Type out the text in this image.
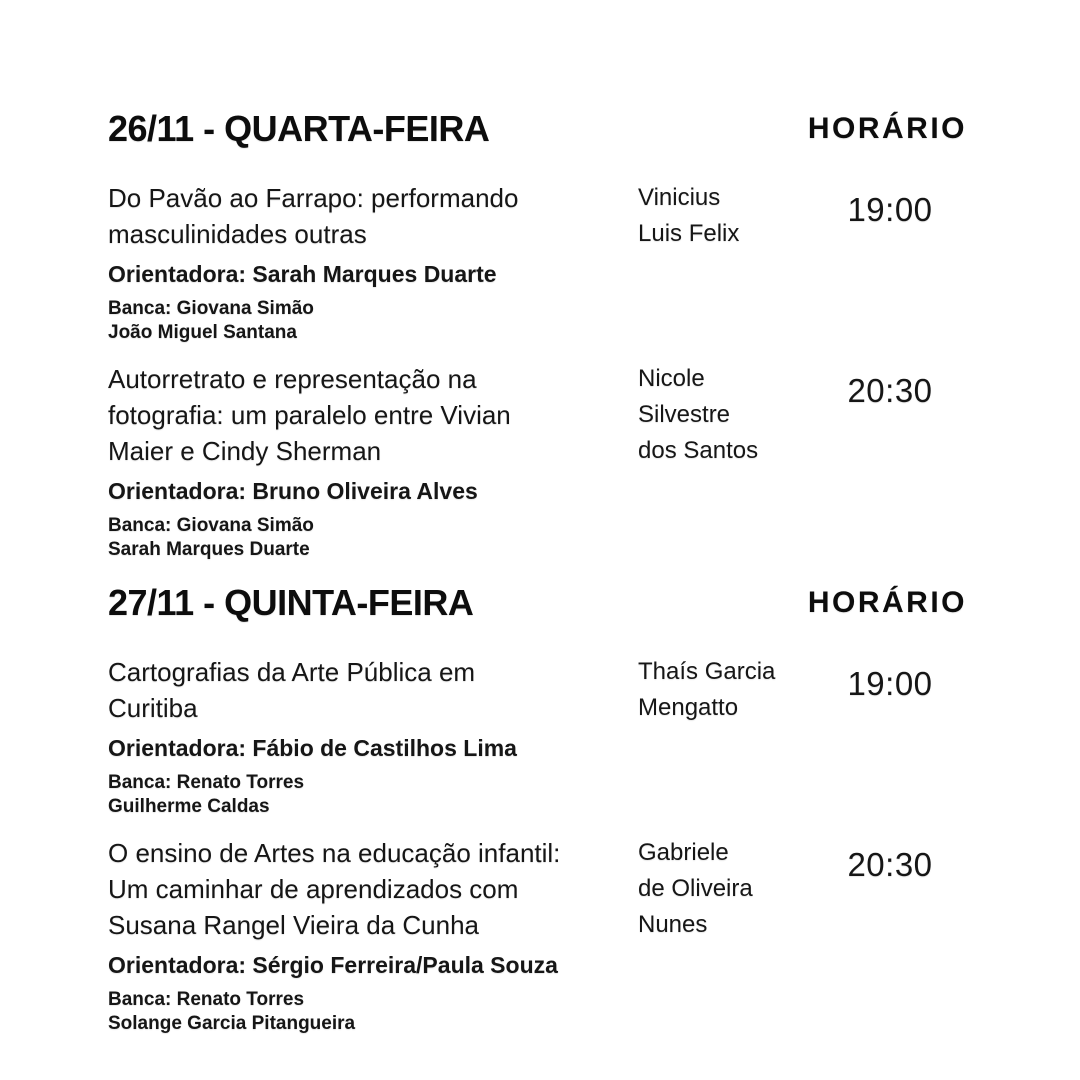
26/11 - QUARTA-FEIRA	HORÁRIO
Do Pavão ao Farrapo: performando
masculinidades outras
Orientadora: Sarah Marques Duarte
Banca: Giovana Simão
João Miguel Santana
Vinicius
Luis Felix
19:00
Autorretrato e representação na
fotografia: um paralelo entre Vivian
Maier e Cindy Sherman
Orientadora: Bruno Oliveira Alves
Banca: Giovana Simão
Sarah Marques Duarte
Nicole
Silvestre
dos Santos
20:30
27/11 - QUINTA-FEIRA	HORÁRIO
Cartografias da Arte Pública em
Curitiba
Orientadora: Fábio de Castilhos Lima
Banca: Renato Torres
Guilherme Caldas
Thaís Garcia
Mengatto
19:00
O ensino de Artes na educação infantil:
Um caminhar de aprendizados com
Susana Rangel Vieira da Cunha
Orientadora: Sérgio Ferreira/Paula Souza
Banca: Renato Torres
Solange Garcia Pitangueira
Gabriele
de Oliveira
Nunes
20:30
